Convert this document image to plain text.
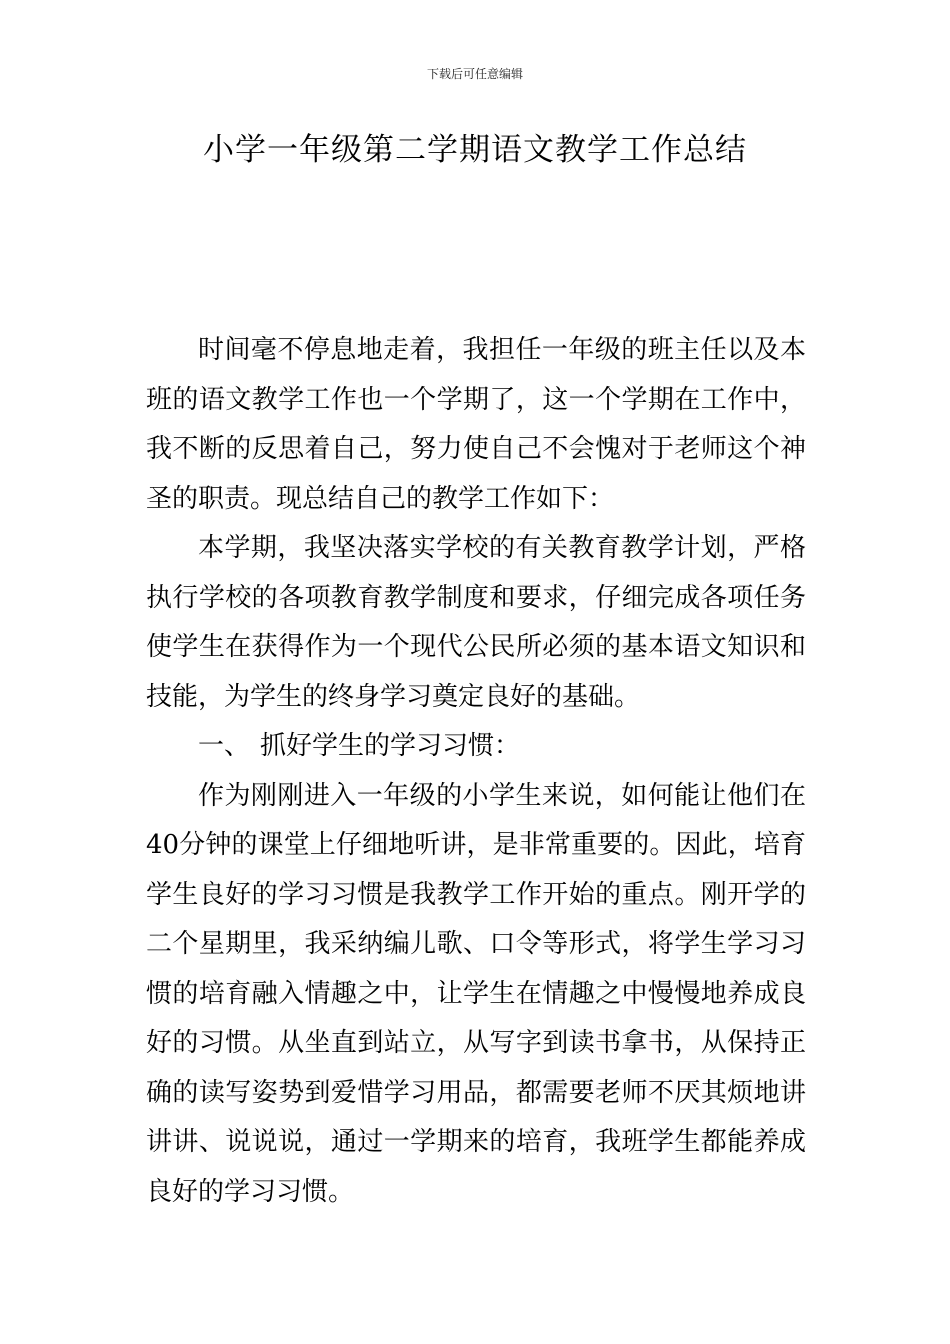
下载后可任意编辑
小学一年级第二学期语文教学工作总结

时间毫不停息地走着，我担任一年级的班主任以及本班的语文教学工作也一个学期了，这一个学期在工作中，我不断的反思着自己，努力使自己不会愧对于老师这个神圣的职责。现总结自己的教学工作如下：

本学期，我坚决落实学校的有关教育教学计划，严格执行学校的各项教育教学制度和要求，仔细完成各项任务使学生在获得作为一个现代公民所必须的基本语文知识和技能，为学生的终身学习奠定良好的基础。

一、 抓好学生的学习习惯：

作为刚刚进入一年级的小学生来说，如何能让他们在40分钟的课堂上仔细地听讲，是非常重要的。因此，培育学生良好的学习习惯是我教学工作开始的重点。刚开学的二个星期里，我采纳编儿歌、口令等形式，将学生学习习惯的培育融入情趣之中，让学生在情趣之中慢慢地养成良好的习惯。从坐直到站立，从写字到读书拿书，从保持正确的读写姿势到爱惜学习用品，都需要老师不厌其烦地讲讲讲、说说说，通过一学期来的培育，我班学生都能养成良好的学习习惯。
